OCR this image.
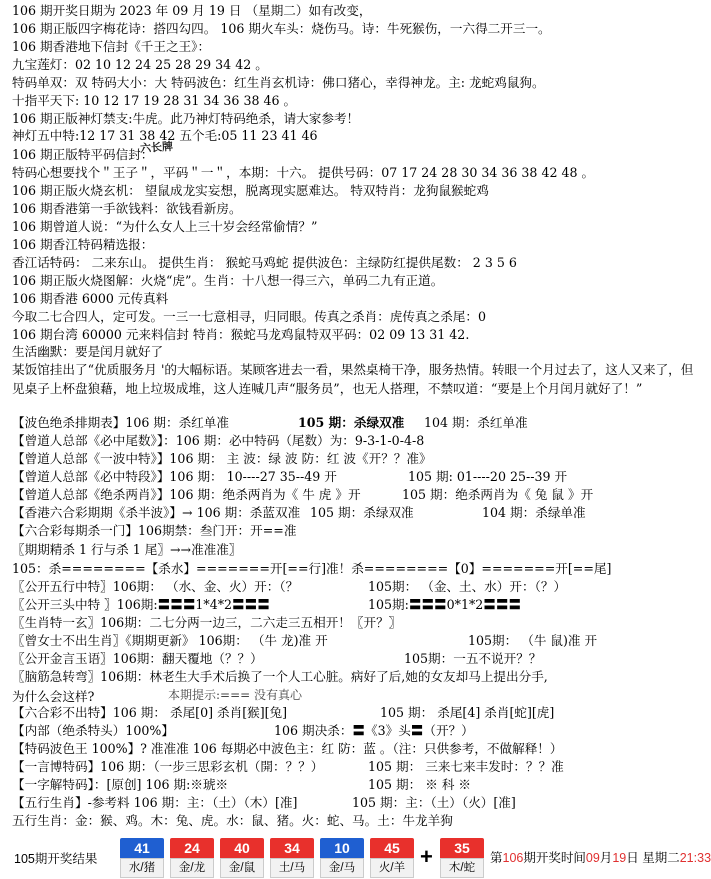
106 期开奖日期为 2023 年 09 月 19 日 （星期二）如有改变，
106 期正版四字梅花诗：搭四勾四。 106 期火车头：烧伤马。诗：牛死猴伤，一六得二开三一。
106 期香港地下信封《千王之王》：
九宝莲灯：02 10 12 24 25 28 29 34 42 。
特码单双：双 特码大小：大 特码波色：红生肖玄机诗：佛口猪心，幸得神龙。主: 龙蛇鸡鼠狗。
十指平天下: 10 12 17 19 28 31 34 36 38 46 。
106 期正版神灯禁支:牛虎。此乃神灯特码绝杀，请大家参考！
神灯五中特:12 17 31 38 42 五个毛:05 11 23 41 46
六长牌
106 期正版特平码信封：
特码心想要找个＂王子＂，平码＂一＂，本期：十六。 提供号码：07 17 24 28 30 34 36 38 42 48 。
106 期正版火烧玄机： 望鼠成龙实妄想，脱离现实愿难达。 特双特肖：龙狗鼠猴蛇鸡
106 期香港第一手欲钱料：欲钱看新房。
106 期曾道人说：“为什么女人上三十岁会经常偷情？”
106 期香江特码精选报：
香江话特码： 二来东山。 提供生肖： 猴蛇马鸡蛇 提供波色：主绿防红提供尾数： 2 3 5 6
106 期正版火烧图解：火烧“虎”。生肖：十八想一得三六，单码二九有正道。
106 期香港 6000 元传真料
今取二七合四人，定可发。一三一七意相寻，归同眼。传真之杀肖：虎传真之杀尾：0
106 期台湾 60000 元来料信封 特肖：猴蛇马龙鸡鼠特双平码：02 09 13 31 42.
生活幽默：要是闰月就好了
某饭馆挂出了“优质服务月 '的大幅标语。某顾客进去一看，果然桌椅干净，服务热情。转眼一个月过去了，这人又来了，但见桌子上杯盘狼藉，地上垃圾成堆，这人连喊几声“服务员”，也无人搭理，不禁叹道：“要是上个月闰月就好了！”
【波色绝杀排期表】106 期：杀红单准	105 期：杀绿双准 104 期：杀红单准
【曾道人总部《必中尾数》】：106 期：必中特码（尾数）为：9-3-1-0-4-8
【曾道人总部《一波中特》】106 期： 主 波：绿 波 防：红 波《开？？准》
【曾道人总部《必中特段》】106 期： 10----27 35--49 开	105 期: 01----20 25--39 开
【曾道人总部《绝杀两肖》】106 期：绝杀两肖为《 牛 虎 》开	105 期：绝杀两肖为《 兔 鼠 》开
【香港六合彩期期《杀半波》】→ 106 期：杀蓝双准 105 期：杀绿双准	104 期：杀绿单准
【六合彩每期杀一门】106期禁：叁门开：开==准
〖期期精杀 1 行与杀 1 尾〗→→准准准〗
105：杀========【杀水】=======开[==行]准！杀========【0】=======开[==尾]
〖公开五行中特〗106期： （水、金、火）开：（？	105期： （金、土、水）开：（？）
〖公开三头中特 〗106期:〓〓〓1*4*2〓〓〓	105期:〓〓〓0*1*2〓〓〓
〖生肖特一玄〗106期：二七分两一边三，二六走三五相开！〖开？〗
〖曾女士不出生肖〗《期期更新》 106期： （牛 龙)准 开	105期： （牛 鼠)准 开
〖公开金言玉语〗106期：翻天覆地（？？）	105期：一五不说开？？
〖脑筋急转弯〗106期：林老生大手术后换了一个人工心脏。病好了后,她的女友却马上提出分手,
为什么会这样?	本期提示:=== 没有真心
【六合彩不出特】106 期： 杀尾[0] 杀肖[猴][兔]	105 期： 杀尾[4] 杀肖[蛇][虎]
【内部（绝杀特头）100%】	106 期决杀：〓《3》头〓（开？）
【特码波色王 100%】? 准准准 106 每期必中波色主：红 防：蓝 。（注：只供参考，不做解释！）
【一言博特码】106 期：（一步三思彩玄机（開：？？）	105 期： 三来七来丰发时：？？准
【一字解特码】：[原创] 106 期:※琥※	105 期： ※ 科 ※
【五行生肖】-参考料 106 期：主：（土）（木）[准]	105 期：主：（土）（火）[准]
五行生肖：金：猴、鸡。木：兔、虎。水：鼠、猪。火：蛇、马。土：牛龙羊狗
105期开奖结果
41
水/猪
24
金/龙
40
金/鼠
34
土/马
10
金/马
45
火/羊 +	35
木/蛇
第106期开奖时间09月19日 星期二21:33
